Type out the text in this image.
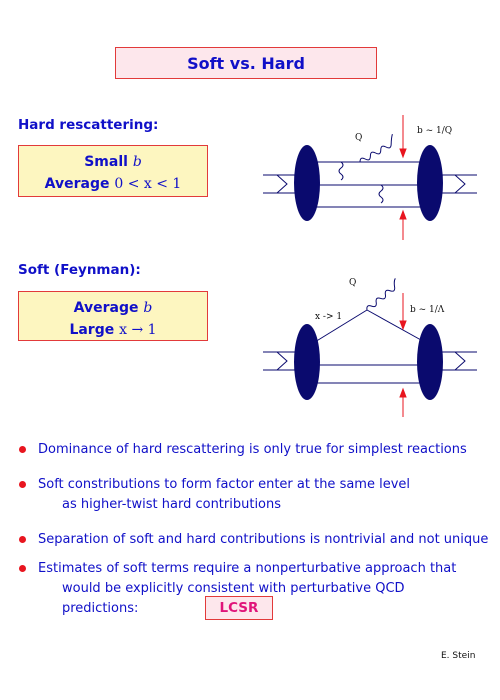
Soft vs. Hard
Hard rescattering:
Small b
Average 0 < x < 1
Q
b ~ 1/Q
Soft (Feynman):
Average b
Large x → 1
Q
x -> 1
b ~ 1/Λ
Dominance of hard rescattering is only true for simplest reactions
Soft constributions to form factor enter at the same level
as higher-twist hard contributions
Separation of soft and hard contributions is nontrivial and not unique
Estimates of soft terms require a nonperturbative approach that
would be explicitly consistent with perturbative QCD
predictions:	LCSR
E. Stein
